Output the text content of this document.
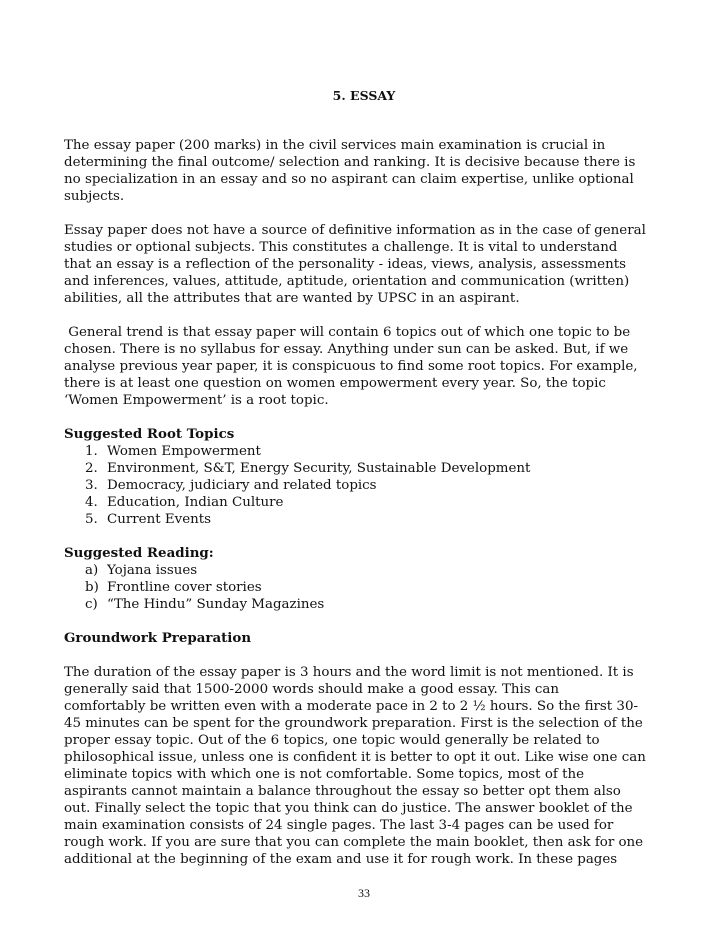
5. ESSAY

The essay paper (200 marks) in the civil services main examination is crucial in
determining the final outcome/ selection and ranking. It is decisive because there is
no specialization in an essay and so no aspirant can claim expertise, unlike optional
subjects.

Essay paper does not have a source of definitive information as in the case of general
studies or optional subjects. This constitutes a challenge. It is vital to understand
that an essay is a reflection of the personality - ideas, views, analysis, assessments
and inferences, values, attitude, aptitude, orientation and communication (written)
abilities, all the attributes that are wanted by UPSC in an aspirant.

General trend is that essay paper will contain 6 topics out of which one topic to be
chosen. There is no syllabus for essay. Anything under sun can be asked. But, if we
analyse previous year paper, it is conspicuous to find some root topics. For example,
there is at least one question on women empowerment every year. So, the topic
‘Women Empowerment’ is a root topic.

Suggested Root Topics
1. Women Empowerment
2. Environment, S&T, Energy Security, Sustainable Development
3. Democracy, judiciary and related topics
4. Education, Indian Culture
5. Current Events
Suggested Reading:
a) Yojana issues
b) Frontline cover stories
c) “The Hindu” Sunday Magazines
Groundwork Preparation

The duration of the essay paper is 3 hours and the word limit is not mentioned. It is
generally said that 1500-2000 words should make a good essay. This can
comfortably be written even with a moderate pace in 2 to 2 ½ hours. So the first 30-
45 minutes can be spent for the groundwork preparation. First is the selection of the
proper essay topic. Out of the 6 topics, one topic would generally be related to
philosophical issue, unless one is confident it is better to opt it out. Like wise one can
eliminate topics with which one is not comfortable. Some topics, most of the
aspirants cannot maintain a balance throughout the essay so better opt them also
out. Finally select the topic that you think can do justice. The answer booklet of the
main examination consists of 24 single pages. The last 3-4 pages can be used for
rough work. If you are sure that you can complete the main booklet, then ask for one
additional at the beginning of the exam and use it for rough work. In these pages

33
